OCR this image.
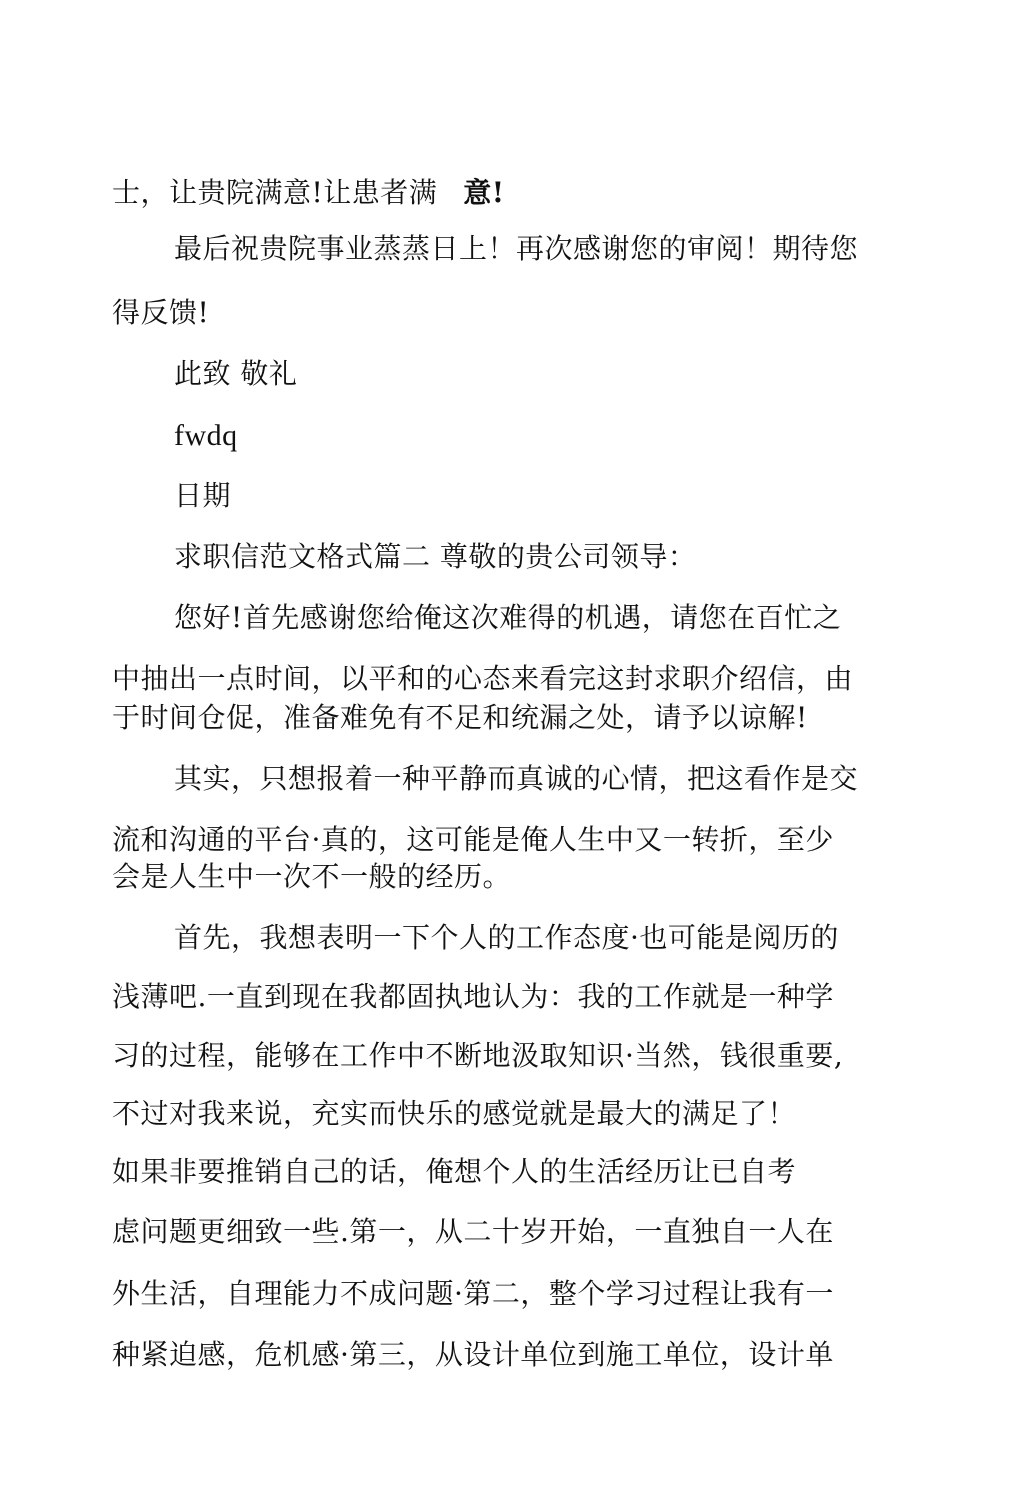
士，让贵院满意!让患者满 意!

最后祝贵院事业蒸蒸日上！再次感谢您的审阅！期待您

得反馈!

此致 敬礼

fwdq

日期

求职信范文格式篇二 尊敬的贵公司领导：

您好!首先感谢您给俺这次难得的机遇，请您在百忙之

中抽出一点时间，以平和的心态来看完这封求职介绍信，由

于时间仓促，准备难免有不足和统漏之处，请予以谅解!

其实，只想报着一种平静而真诚的心情，把这看作是交

流和沟通的平台·真的，这可能是俺人生中又一转折，至少

会是人生中一次不一般的经历。

首先，我想表明一下个人的工作态度·也可能是阅历的

浅薄吧.一直到现在我都固执地认为：我的工作就是一种学

习的过程，能够在工作中不断地汲取知识·当然，钱很重要,

不过对我来说，充实而快乐的感觉就是最大的满足了！

如果非要推销自己的话，俺想个人的生活经历让已自考

虑问题更细致一些.第一，从二十岁开始，一直独自一人在

外生活，自理能力不成问题·第二，整个学习过程让我有一

种紧迫感，危机感·第三，从设计单位到施工单位，设计单
